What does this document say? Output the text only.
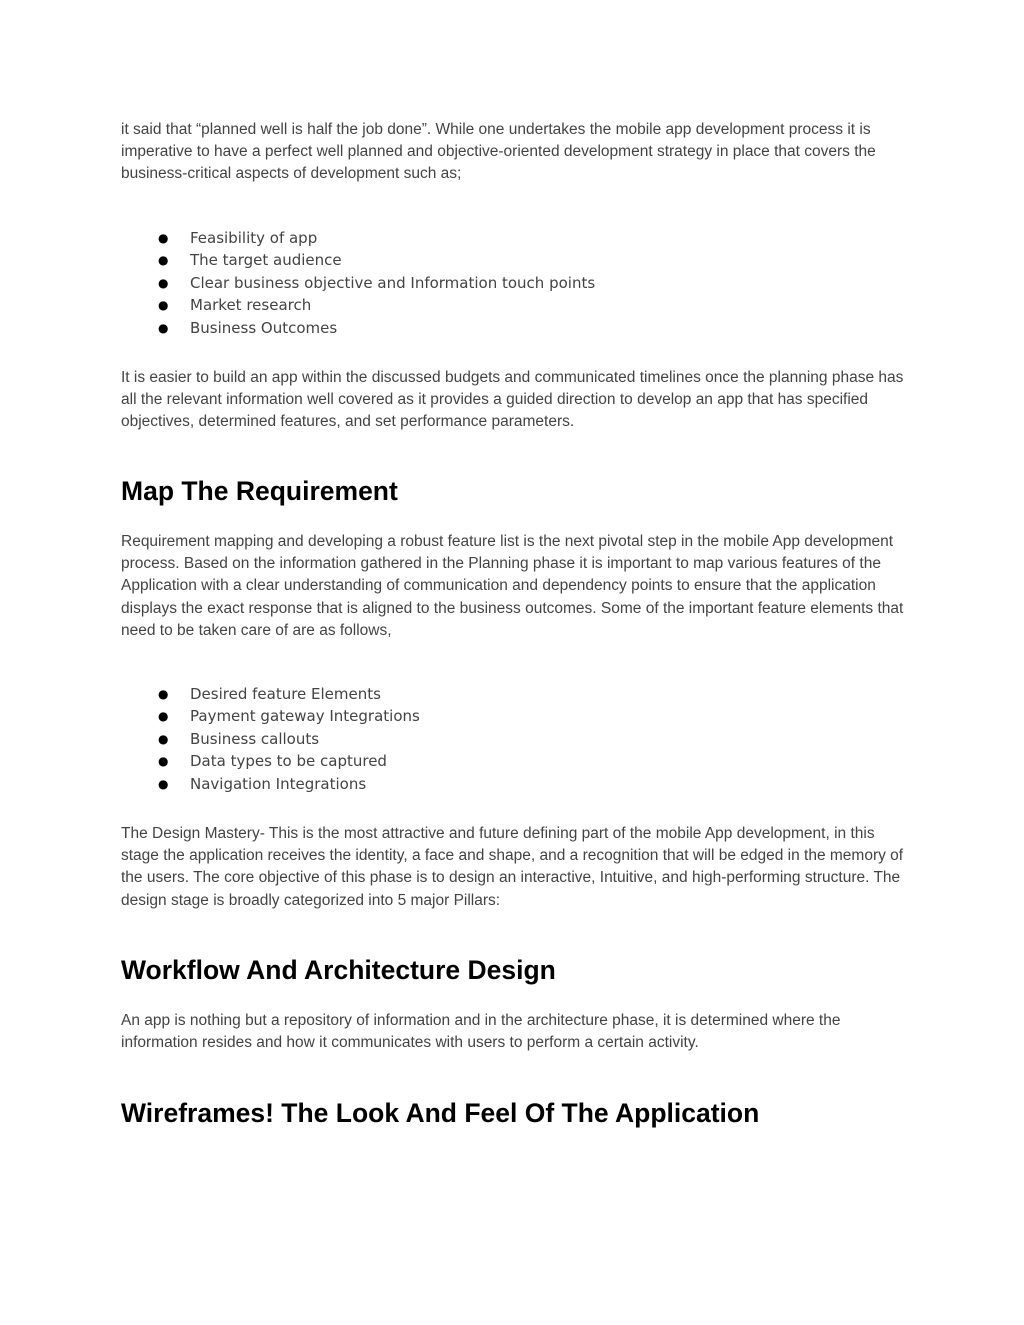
it said that “planned well is half the job done”. While one undertakes the mobile app development process it is imperative to have a perfect well planned and objective-oriented development strategy in place that covers the business-critical aspects of development such as;

● Feasibility of app
● The target audience
● Clear business objective and Information touch points
● Market research
● Business Outcomes

It is easier to build an app within the discussed budgets and communicated timelines once the planning phase has all the relevant information well covered as it provides a guided direction to develop an app that has specified objectives, determined features, and set performance parameters.

Map The Requirement

Requirement mapping and developing a robust feature list is the next pivotal step in the mobile App development process. Based on the information gathered in the Planning phase it is important to map various features of the Application with a clear understanding of communication and dependency points to ensure that the application displays the exact response that is aligned to the business outcomes. Some of the important feature elements that need to be taken care of are as follows,

● Desired feature Elements
● Payment gateway Integrations
● Business callouts
● Data types to be captured
● Navigation Integrations

The Design Mastery- This is the most attractive and future defining part of the mobile App development, in this stage the application receives the identity, a face and shape, and a recognition that will be edged in the memory of the users. The core objective of this phase is to design an interactive, Intuitive, and high-performing structure. The design stage is broadly categorized into 5 major Pillars:

Workflow And Architecture Design

An app is nothing but a repository of information and in the architecture phase, it is determined where the information resides and how it communicates with users to perform a certain activity.

Wireframes! The Look And Feel Of The Application
